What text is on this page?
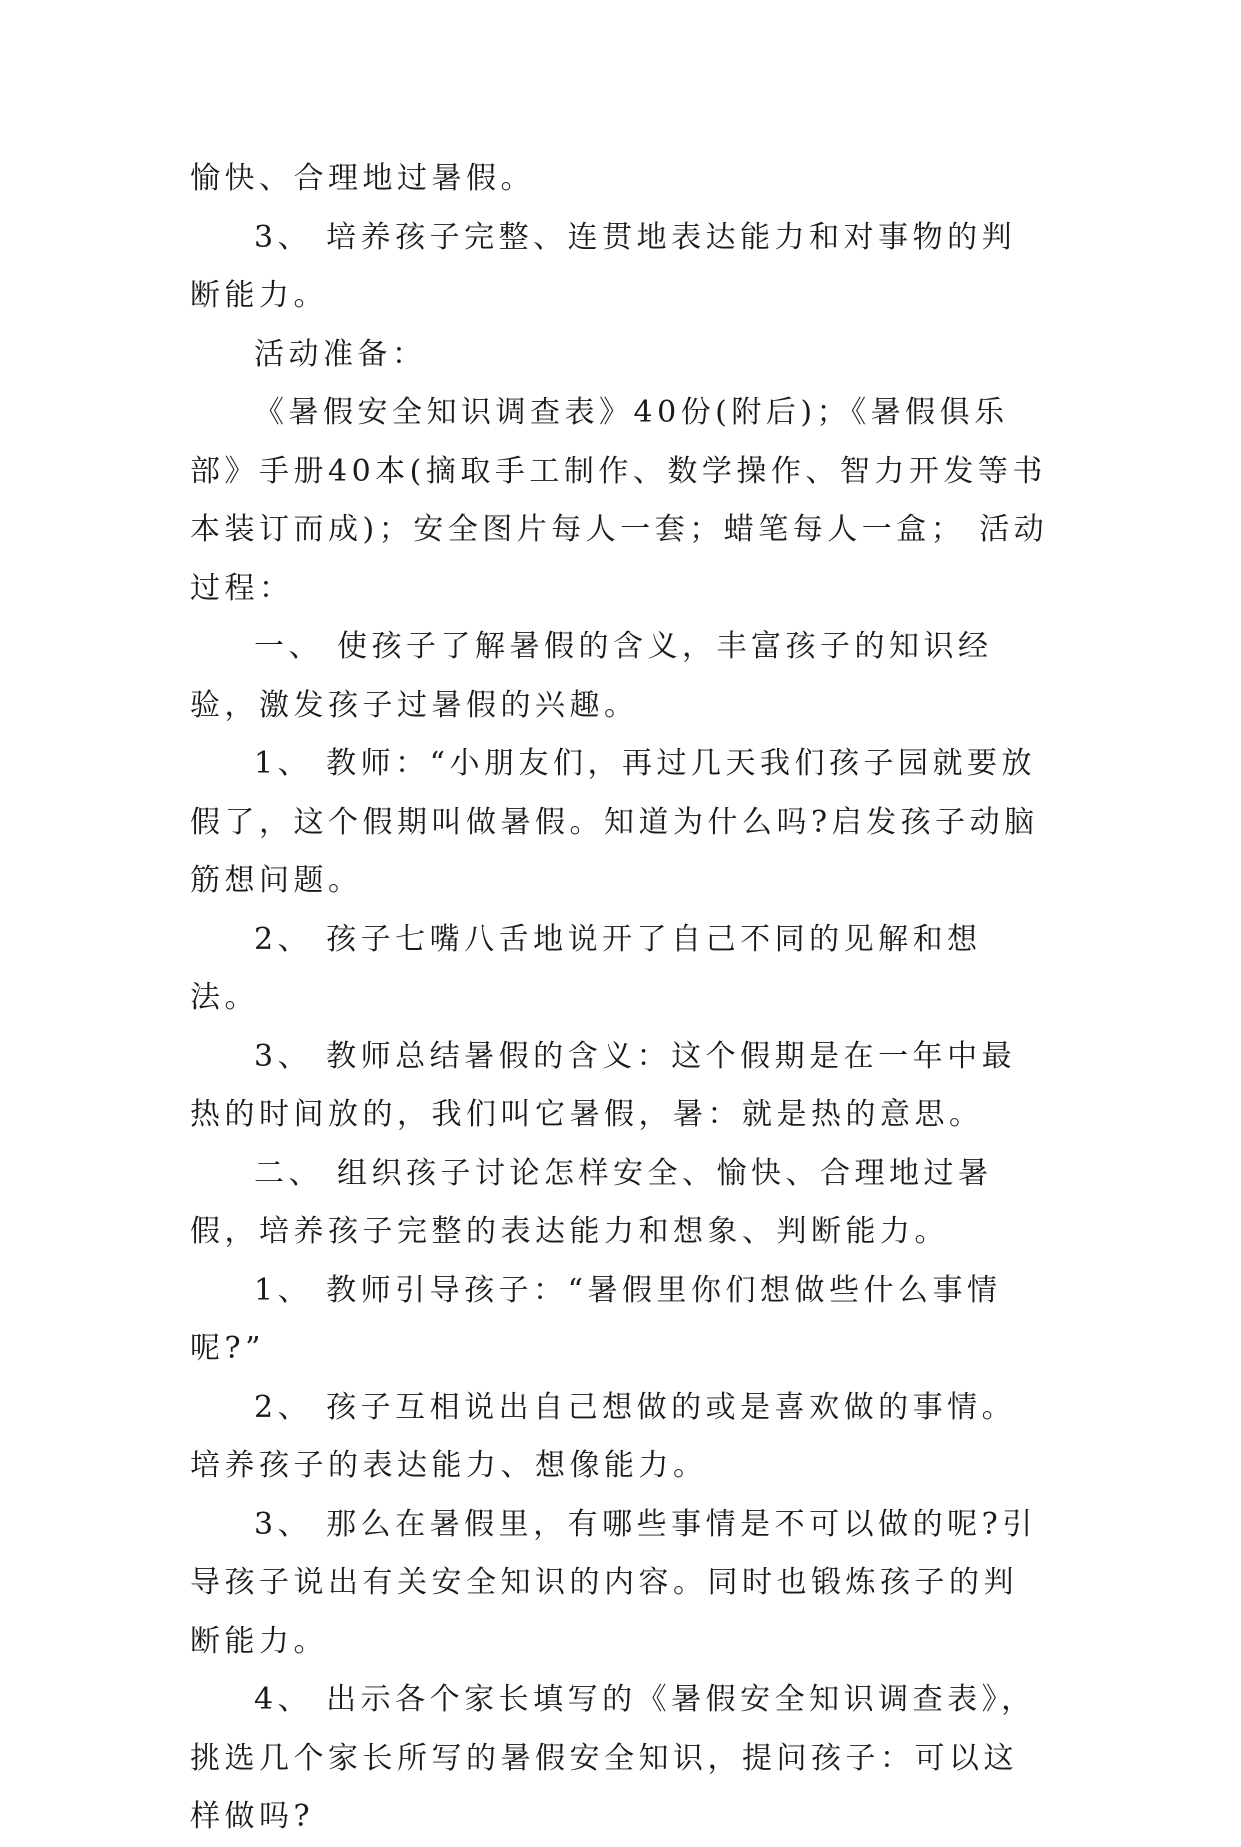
愉快、合理地过暑假。

3、 培养孩子完整、连贯地表达能力和对事物的判断能力。

活动准备：

《暑假安全知识调查表》40份(附后)；《暑假俱乐部》手册40本(摘取手工制作、数学操作、智力开发等书本装订而成)；安全图片每人一套；蜡笔每人一盒； 活动过程：

一、 使孩子了解暑假的含义，丰富孩子的知识经验，激发孩子过暑假的兴趣。

1、 教师：“小朋友们，再过几天我们孩子园就要放假了，这个假期叫做暑假。知道为什么吗?启发孩子动脑筋想问题。

2、 孩子七嘴八舌地说开了自己不同的见解和想法。

3、 教师总结暑假的含义：这个假期是在一年中最热的时间放的，我们叫它暑假，暑：就是热的意思。

二、 组织孩子讨论怎样安全、愉快、合理地过暑假，培养孩子完整的表达能力和想象、判断能力。

1、 教师引导孩子：“暑假里你们想做些什么事情呢?”

2、 孩子互相说出自己想做的或是喜欢做的事情。培养孩子的表达能力、想像能力。

3、 那么在暑假里，有哪些事情是不可以做的呢?引导孩子说出有关安全知识的内容。同时也锻炼孩子的判断能力。

4、 出示各个家长填写的《暑假安全知识调查表》，挑选几个家长所写的暑假安全知识，提问孩子：可以这样做吗?
